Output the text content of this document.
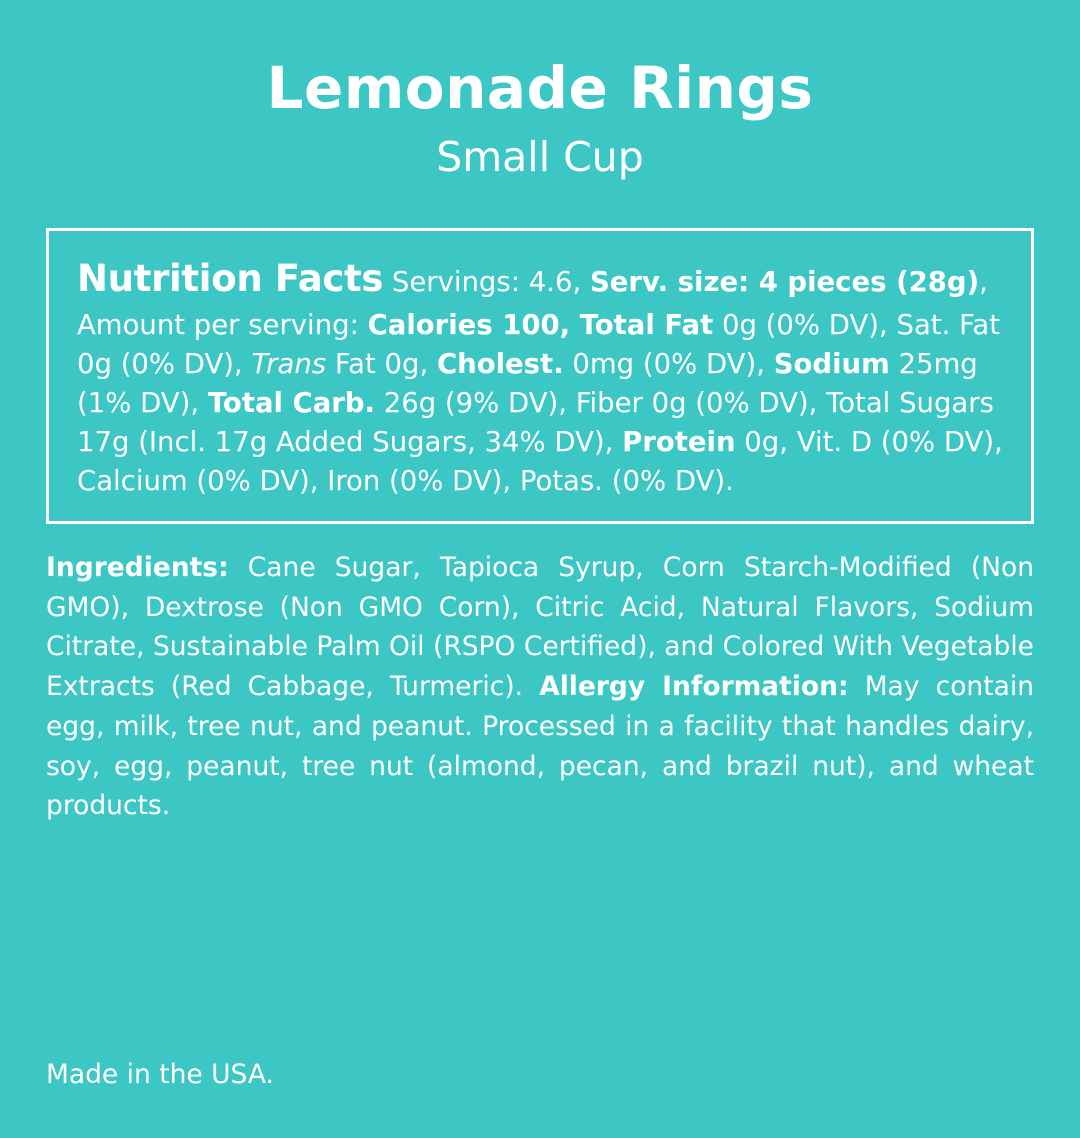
Lemonade Rings
Small Cup
Nutrition Facts Servings: 4.6, Serv. size: 4 pieces (28g), Amount per serving: Calories 100, Total Fat 0g (0% DV), Sat. Fat 0g (0% DV), Trans Fat 0g, Cholest. 0mg (0% DV), Sodium 25mg (1% DV), Total Carb. 26g (9% DV), Fiber 0g (0% DV), Total Sugars 17g (Incl. 17g Added Sugars, 34% DV), Protein 0g, Vit. D (0% DV), Calcium (0% DV), Iron (0% DV), Potas. (0% DV).
Ingredients: Cane Sugar, Tapioca Syrup, Corn Starch-Modified (Non GMO), Dextrose (Non GMO Corn), Citric Acid, Natural Flavors, Sodium Citrate, Sustainable Palm Oil (RSPO Certified), and Colored With Vegetable Extracts (Red Cabbage, Turmeric). Allergy Information: May contain egg, milk, tree nut, and peanut. Processed in a facility that handles dairy, soy, egg, peanut, tree nut (almond, pecan, and brazil nut), and wheat products.
Made in the USA.
